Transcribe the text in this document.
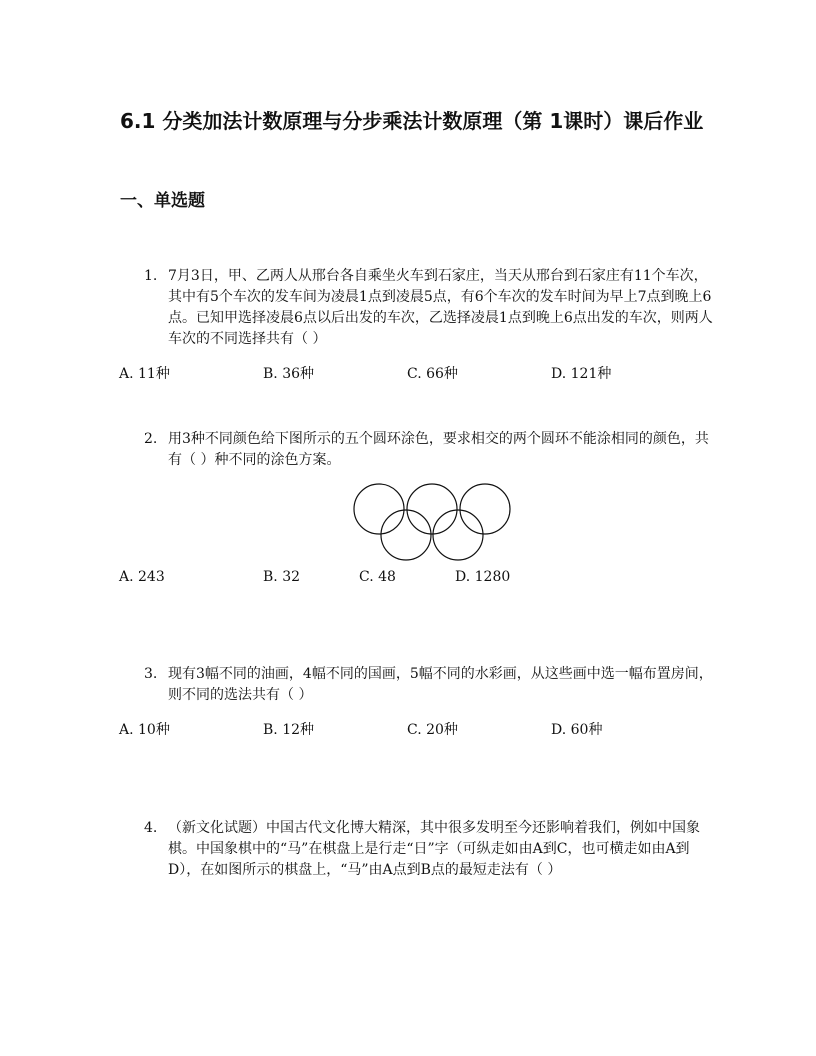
6.1 分类加法计数原理与分步乘法计数原理（第 1课时）课后作业
一、单选题
1. 7月3日，甲、乙两人从邢台各自乘坐火车到石家庄，当天从邢台到石家庄有11个车次，其中有5个车次的发车间为凌晨1点到凌晨5点，有6个车次的发车时间为早上7点到晚上6点。已知甲选择凌晨6点以后出发的车次，乙选择凌晨1点到晚上6点出发的车次，则两人车次的不同选择共有（ ）
A. 11种	B. 36种	C. 66种	D. 121种
2. 用3种不同颜色给下图所示的五个圆环涂色，要求相交的两个圆环不能涂相同的颜色，共有（ ）种不同的涂色方案。
A. 243	B. 32	C. 48	D. 1280
3. 现有3幅不同的油画，4幅不同的国画，5幅不同的水彩画，从这些画中选一幅布置房间，则不同的选法共有（ ）
A. 10种	B. 12种	C. 20种	D. 60种
4. （新文化试题）中国古代文化博大精深，其中很多发明至今还影响着我们，例如中国象棋。中国象棋中的“马”在棋盘上是行走“日”字（可纵走如由A到C，也可横走如由A到D），在如图所示的棋盘上，“马”由A点到B点的最短走法有（ ）
